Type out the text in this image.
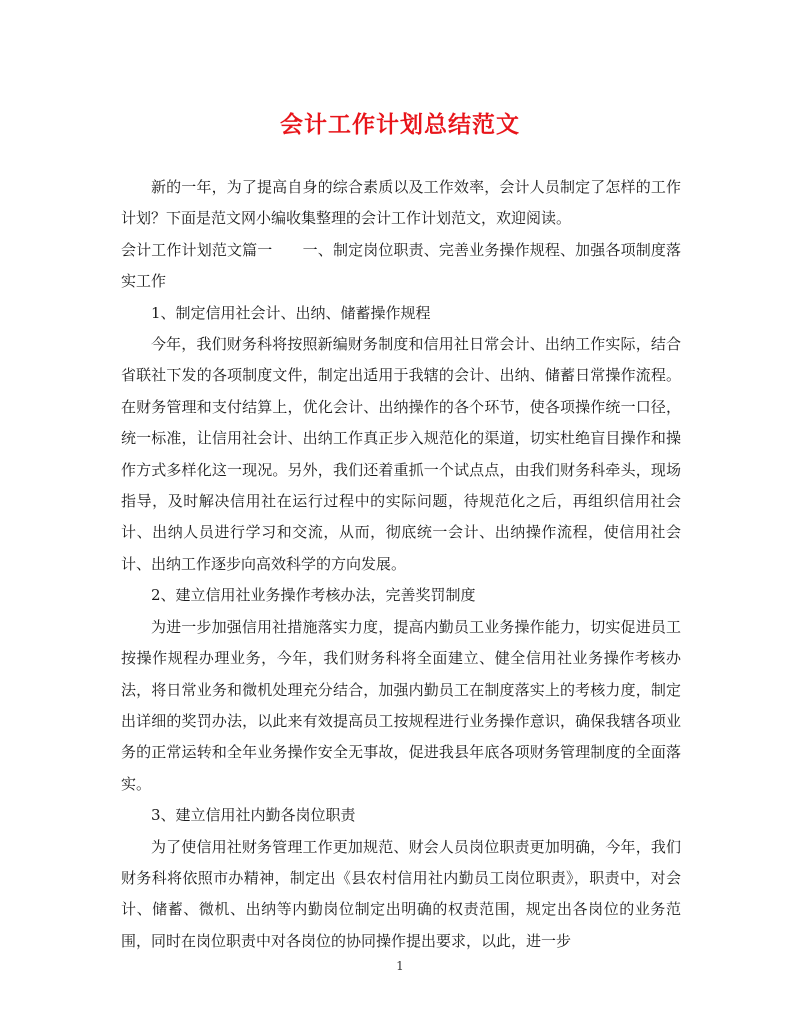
会计工作计划总结范文

新的一年，为了提高自身的综合素质以及工作效率，会计人员制定了怎样的工作计划？下面是范文网小编收集整理的会计工作计划范文，欢迎阅读。

会计工作计划范文篇一　　一、制定岗位职责、完善业务操作规程、加强各项制度落实工作

1、制定信用社会计、出纳、储蓄操作规程

今年，我们财务科将按照新编财务制度和信用社日常会计、出纳工作实际，结合省联社下发的各项制度文件，制定出适用于我辖的会计、出纳、储蓄日常操作流程。在财务管理和支付结算上，优化会计、出纳操作的各个环节，使各项操作统一口径，统一标准，让信用社会计、出纳工作真正步入规范化的渠道，切实杜绝盲目操作和操作方式多样化这一现况。另外，我们还着重抓一个试点点，由我们财务科牵头，现场指导，及时解决信用社在运行过程中的实际问题，待规范化之后，再组织信用社会计、出纳人员进行学习和交流，从而，彻底统一会计、出纳操作流程，使信用社会计、出纳工作逐步向高效科学的方向发展。

2、建立信用社业务操作考核办法，完善奖罚制度

为进一步加强信用社措施落实力度，提高内勤员工业务操作能力，切实促进员工按操作规程办理业务，今年，我们财务科将全面建立、健全信用社业务操作考核办法，将日常业务和微机处理充分结合，加强内勤员工在制度落实上的考核力度，制定出详细的奖罚办法，以此来有效提高员工按规程进行业务操作意识，确保我辖各项业务的正常运转和全年业务操作安全无事故，促进我县年底各项财务管理制度的全面落实。

3、建立信用社内勤各岗位职责

为了使信用社财务管理工作更加规范、财会人员岗位职责更加明确，今年，我们财务科将依照市办精神，制定出《县农村信用社内勤员工岗位职责》，职责中，对会计、储蓄、微机、出纳等内勤岗位制定出明确的权责范围，规定出各岗位的业务范围，同时在岗位职责中对各岗位的协同操作提出要求，以此，进一步

1
